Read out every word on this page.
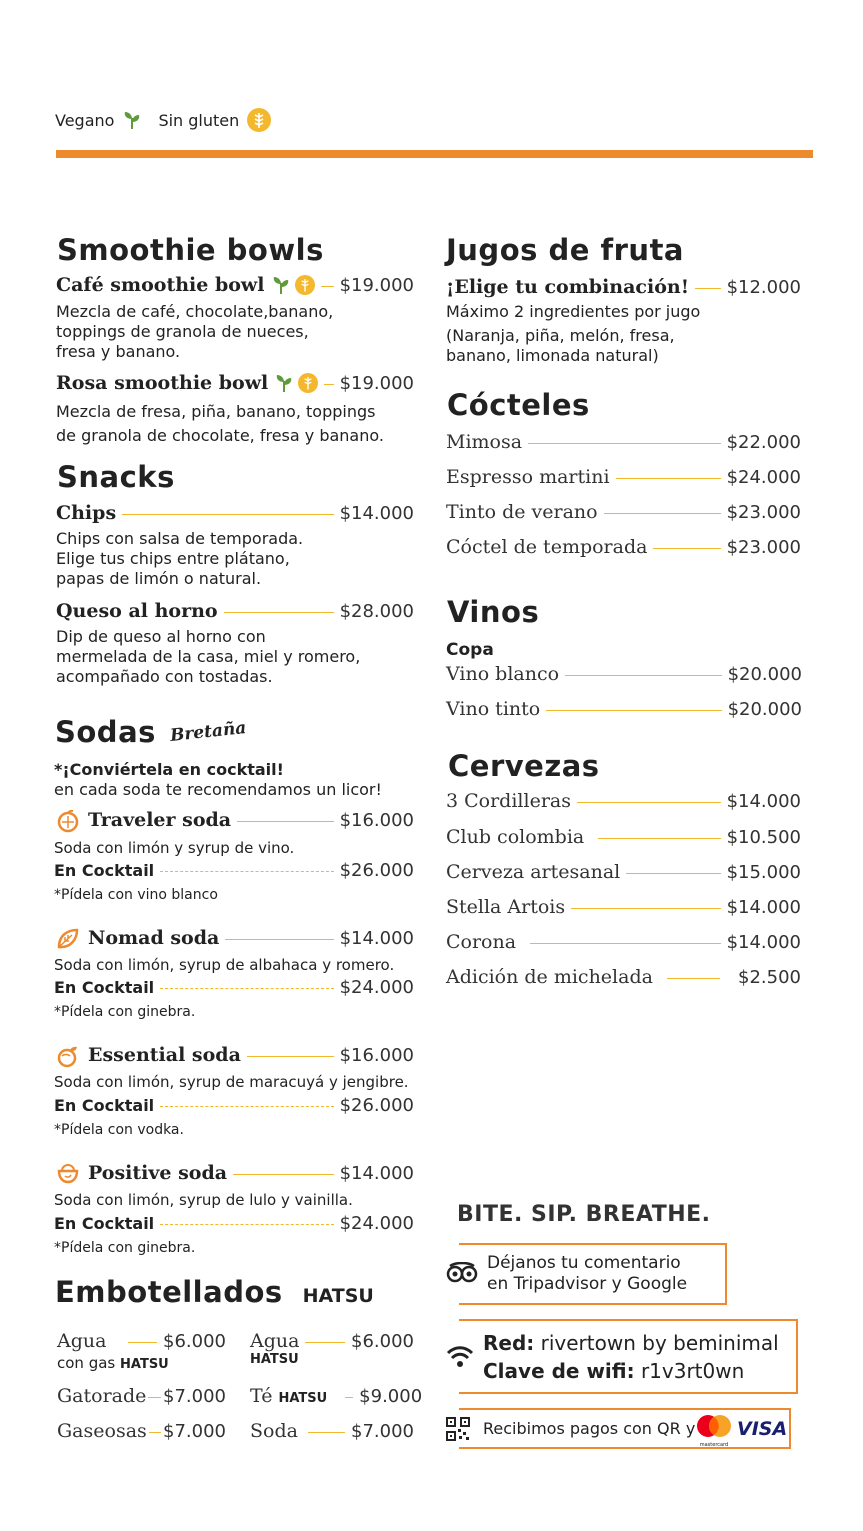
Vegano	Sin gluten
Smoothie bowls
Café smoothie bowl	$19.000
Mezcla de café, chocolate,banano,
toppings de granola de nueces,
fresa y banano.
Rosa smoothie bowl	$19.000
Mezcla de fresa, piña, banano, toppings
de granola de chocolate, fresa y banano.
Snacks
Chips	$14.000
Chips con salsa de temporada.
Elige tus chips entre plátano,
papas de limón o natural.
Queso al horno	$28.000
Dip de queso al horno con
mermelada de la casa, miel y romero,
acompañado con tostadas.
Sodas Bretaña
*¡Conviértela en cocktail!
en cada soda te recomendamos un licor!
Traveler soda	$16.000
Soda con limón y syrup de vino.
En Cocktail	$26.000
*Pídela con vino blanco
Nomad soda	$14.000
Soda con limón, syrup de albahaca y romero.
En Cocktail	$24.000
*Pídela con ginebra.
Essential soda	$16.000
Soda con limón, syrup de maracuyá y jengibre.
En Cocktail	$26.000
*Pídela con vodka.
Positive soda	$14.000
Soda con limón, syrup de lulo y vainilla.
En Cocktail	$24.000
*Pídela con ginebra.
Embotellados HATSU
Agua	$6.000
con gas HATSU
Gatorade $7.000
Gaseosas $7.000
Agua	$6.000
HATSU
Té HATSU $9.000
Soda	$7.000
Jugos de fruta
¡Elige tu combinación! $12.000
Máximo 2 ingredientes por jugo
(Naranja, piña, melón, fresa,
banano, limonada natural)
Cócteles
Mimosa	$22.000
Espresso martini	$24.000
Tinto de verano	$23.000
Cóctel de temporada	$23.000
Vinos
Copa
Vino blanco	$20.000
Vino tinto	$20.000
Cervezas
3 Cordilleras	$14.000
Club colombia	$10.500
Cerveza artesanal	$15.000
Stella Artois	$14.000
Corona	$14.000
Adición de michelada	$2.500
BITE. SIP. BREATHE.
Déjanos tu comentario
en Tripadvisor y Google
Red: rivertown by beminimal
Clave de wifi: r1v3rt0wn
Recibimos pagos con QR y
mastercard
VISA
